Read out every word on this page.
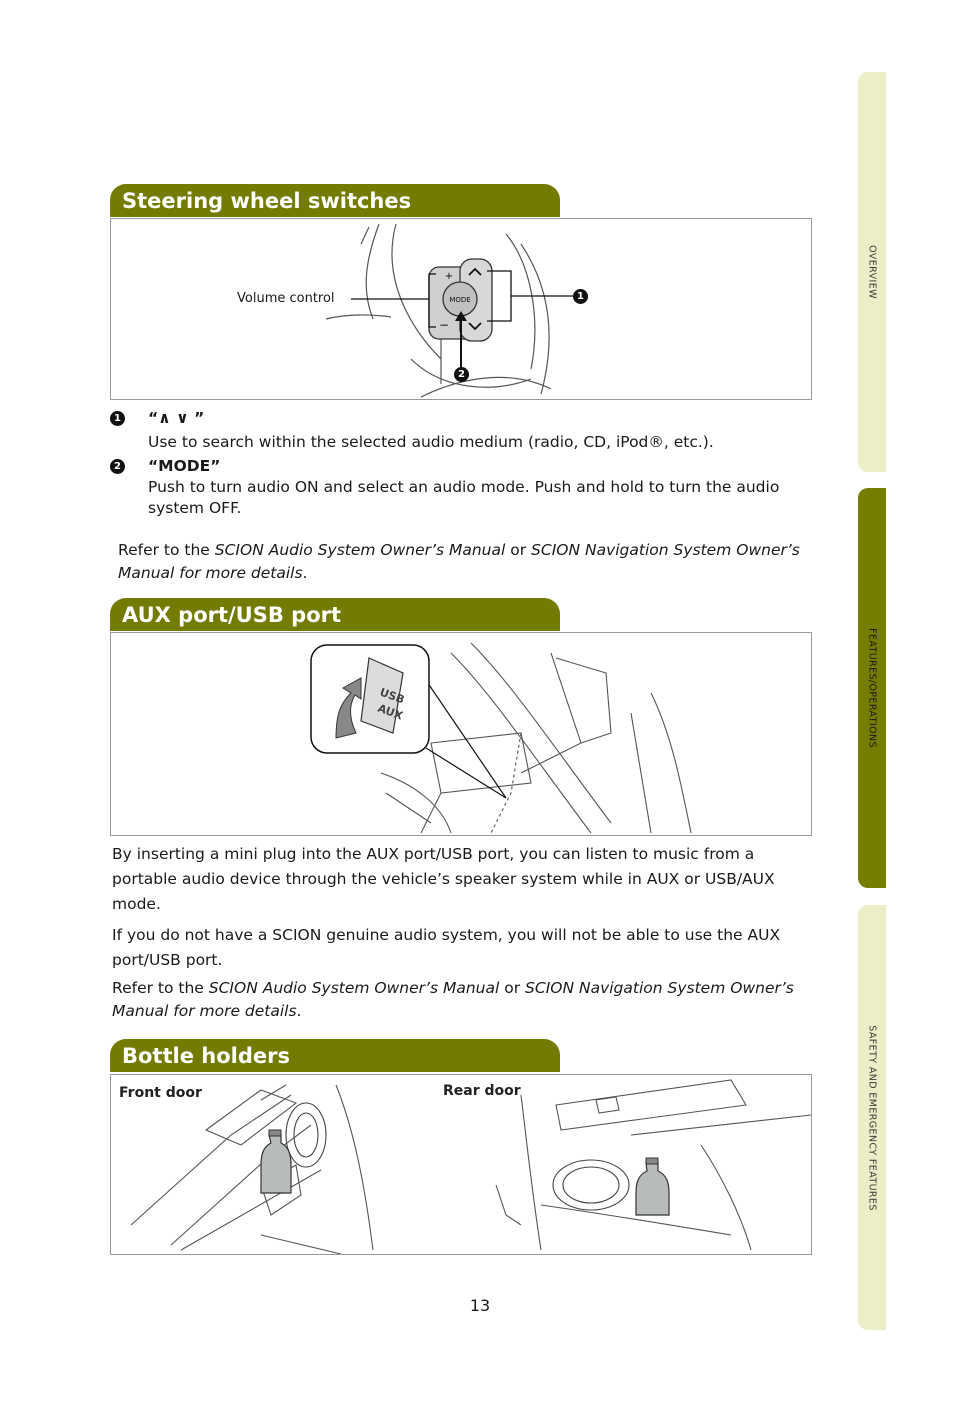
OVERVIEW
FEATURES/OPERATIONS
SAFETY AND EMERGENCY FEATURES
Steering wheel switches
MODE
+
−
Volume control	1
2
1 “∧ ∨ ”
Use to search within the selected audio medium (radio, CD, iPod®, etc.).
2 “MODE”
Push to turn audio ON and select an audio mode. Push and hold to turn the audio system OFF.
Refer to the SCION Audio System Owner’s Manual or SCION Navigation System Owner’s Manual for more details.
AUX port/USB port
USB
AUX
By inserting a mini plug into the AUX port/USB port, you can listen to music from a portable audio device through the vehicle’s speaker system while in AUX or USB/AUX mode.
If you do not have a SCION genuine audio system, you will not be able to use the AUX port/USB port.
Refer to the SCION Audio System Owner’s Manual or SCION Navigation System Owner’s Manual for more details.
Bottle holders
Front door	Rear door
13
